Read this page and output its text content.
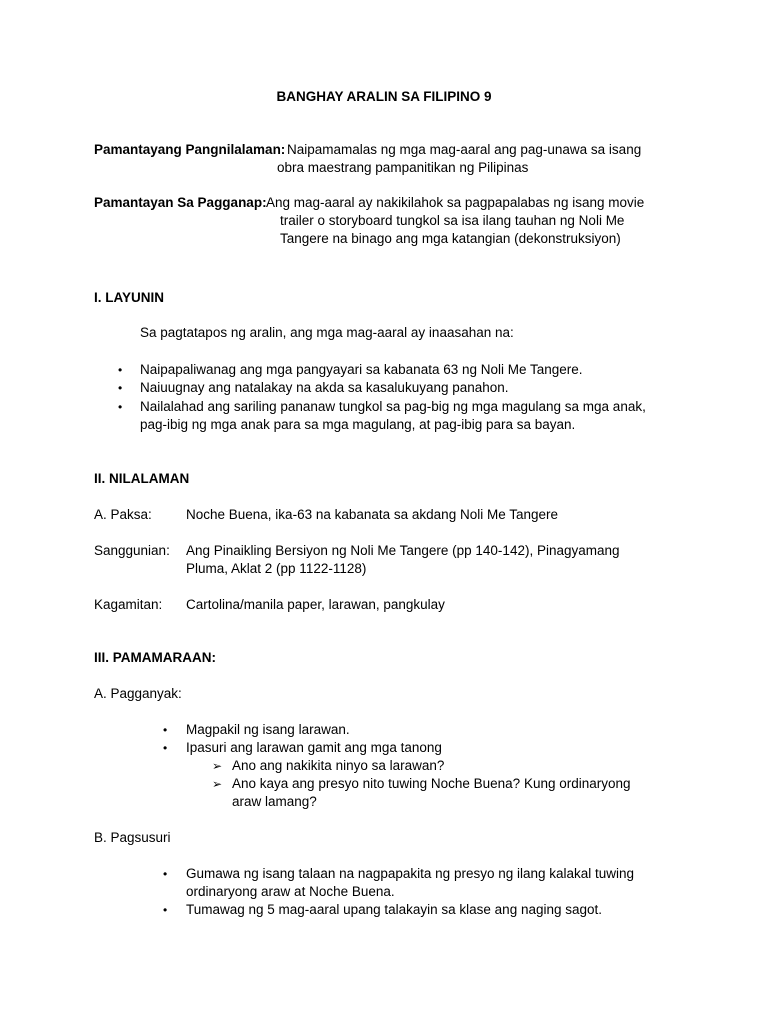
BANGHAY ARALIN SA FILIPINO 9
Pamantayang Pangnilalaman: Naipamamalas ng mga mag-aaral ang pag-unawa sa isang
obra maestrang pampanitikan ng Pilipinas
Pamantayan Sa Pagganap: Ang mag-aaral ay nakikilahok sa pagpapalabas ng isang movie
trailer o storyboard tungkol sa isa ilang tauhan ng Noli Me
Tangere na binago ang mga katangian (dekonstruksiyon)
I. LAYUNIN
Sa pagtatapos ng aralin, ang mga mag-aaral ay inaasahan na:
• Naipapaliwanag ang mga pangyayari sa kabanata 63 ng Noli Me Tangere.
• Naiuugnay ang natalakay na akda sa kasalukuyang panahon.
• Nailalahad ang sariling pananaw tungkol sa pag-big ng mga magulang sa mga anak,
pag-ibig ng mga anak para sa mga magulang, at pag-ibig para sa bayan.
II. NILALAMAN
A. Paksa:	Noche Buena, ika-63 na kabanata sa akdang Noli Me Tangere
Sanggunian: Ang Pinaikling Bersiyon ng Noli Me Tangere (pp 140-142), Pinagyamang
Pluma, Aklat 2 (pp 1122-1128)
Kagamitan: Cartolina/manila paper, larawan, pangkulay
III. PAMAMARAAN:
A. Pagganyak:
• Magpakil ng isang larawan.
• Ipasuri ang larawan gamit ang mga tanong
➢ Ano ang nakikita ninyo sa larawan?
➢ Ano kaya ang presyo nito tuwing Noche Buena? Kung ordinaryong
araw lamang?
B. Pagsusuri
• Gumawa ng isang talaan na nagpapakita ng presyo ng ilang kalakal tuwing
ordinaryong araw at Noche Buena.
• Tumawag ng 5 mag-aaral upang talakayin sa klase ang naging sagot.
